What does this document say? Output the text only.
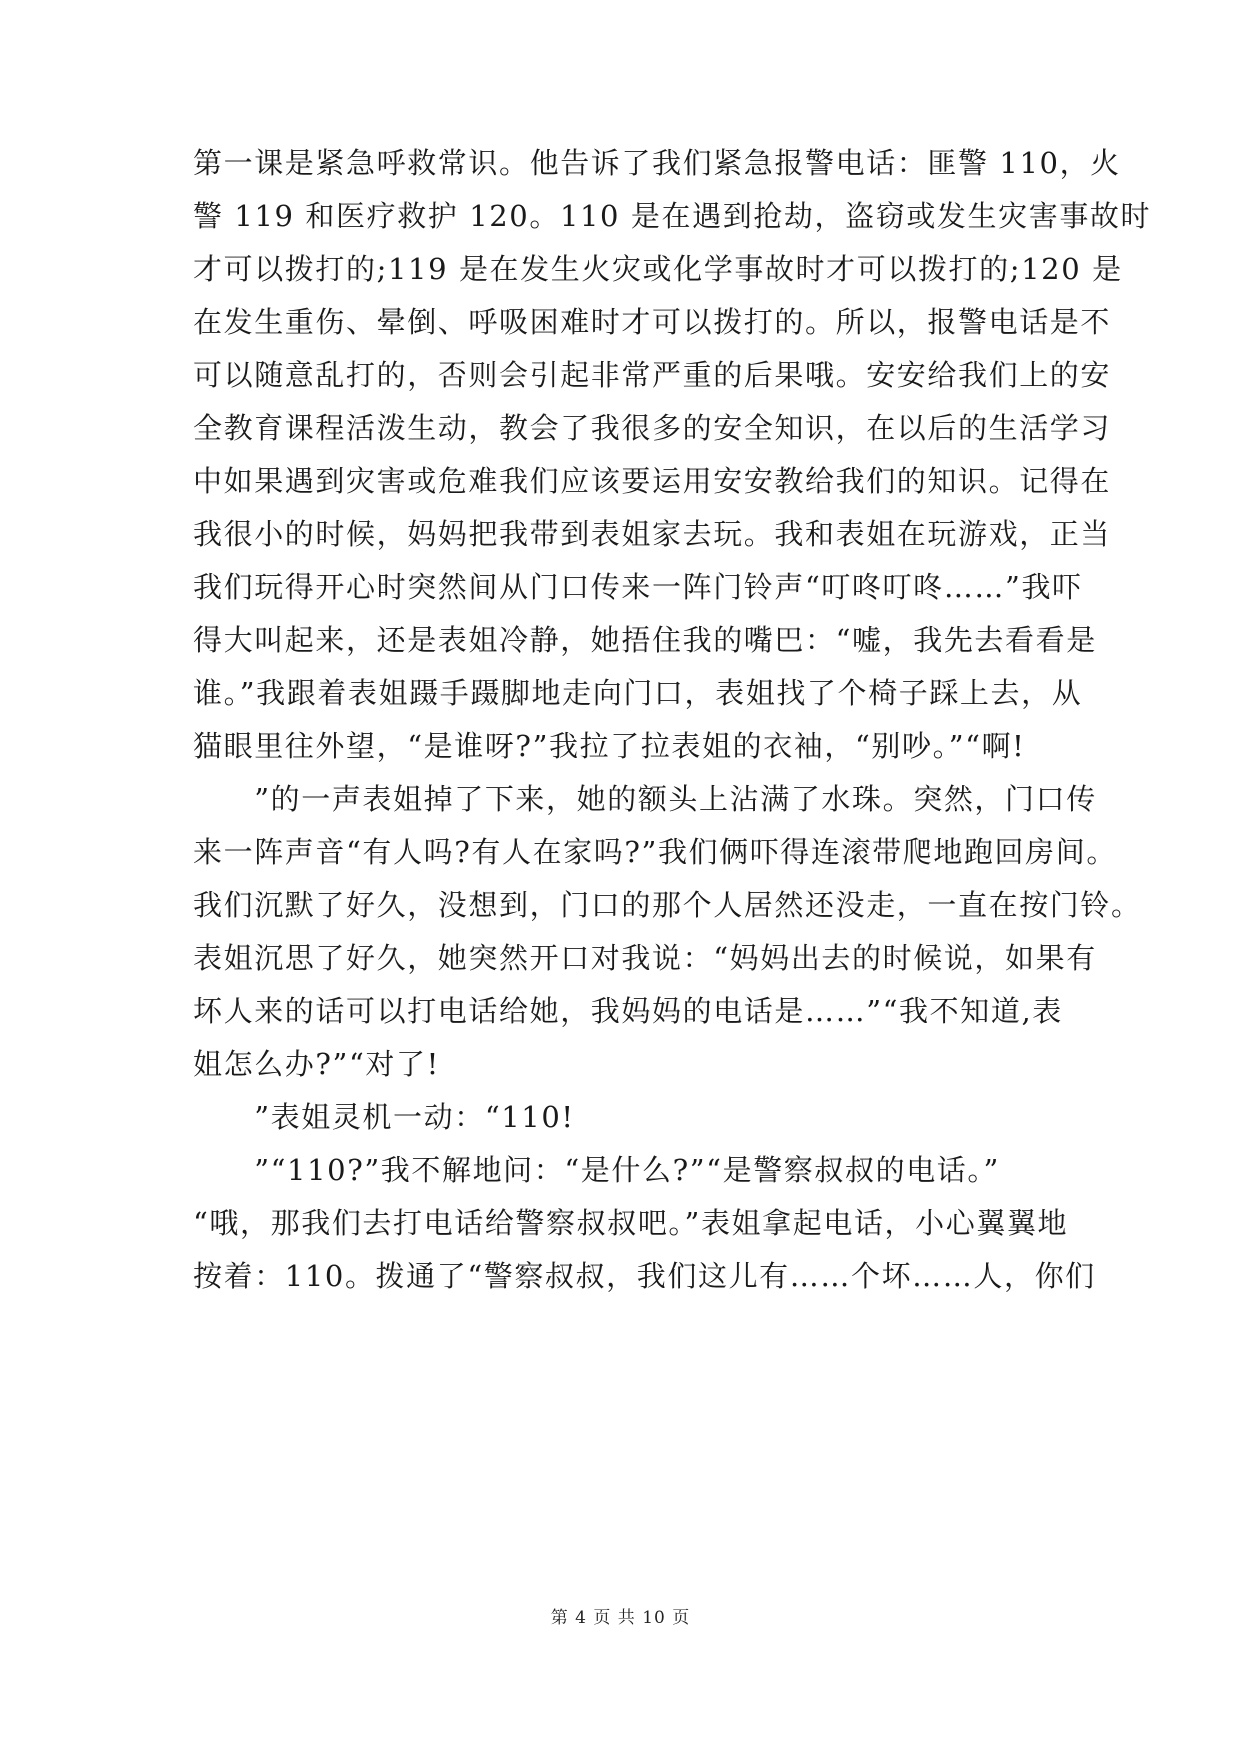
第一课是紧急呼救常识。他告诉了我们紧急报警电话：匪警 110，火
警 119 和医疗救护 120。110 是在遇到抢劫，盗窃或发生灾害事故时
才可以拨打的;119 是在发生火灾或化学事故时才可以拨打的;120 是
在发生重伤、晕倒、呼吸困难时才可以拨打的。所以，报警电话是不
可以随意乱打的，否则会引起非常严重的后果哦。安安给我们上的安
全教育课程活泼生动，教会了我很多的安全知识，在以后的生活学习
中如果遇到灾害或危难我们应该要运用安安教给我们的知识。记得在
我很小的时候，妈妈把我带到表姐家去玩。我和表姐在玩游戏，正当
我们玩得开心时突然间从门口传来一阵门铃声“叮咚叮咚……”我吓
得大叫起来，还是表姐冷静，她捂住我的嘴巴：“嘘，我先去看看是
谁。”我跟着表姐蹑手蹑脚地走向门口，表姐找了个椅子踩上去，从
猫眼里往外望，“是谁呀?”我拉了拉表姐的衣袖，“别吵。”“啊!
　　”的一声表姐掉了下来，她的额头上沾满了水珠。突然，门口传
来一阵声音“有人吗?有人在家吗?”我们俩吓得连滚带爬地跑回房间。
我们沉默了好久，没想到，门口的那个人居然还没走，一直在按门铃。
表姐沉思了好久，她突然开口对我说：“妈妈出去的时候说，如果有
坏人来的话可以打电话给她，我妈妈的电话是……”“我不知道,表
姐怎么办?”“对了!
　　”表姐灵机一动：“110!
　　”“110?”我不解地问：“是什么?”“是警察叔叔的电话。”
“哦，那我们去打电话给警察叔叔吧。”表姐拿起电话，小心翼翼地
按着：110。拨通了“警察叔叔，我们这儿有……个坏……人，你们
第 4 页 共 10 页
